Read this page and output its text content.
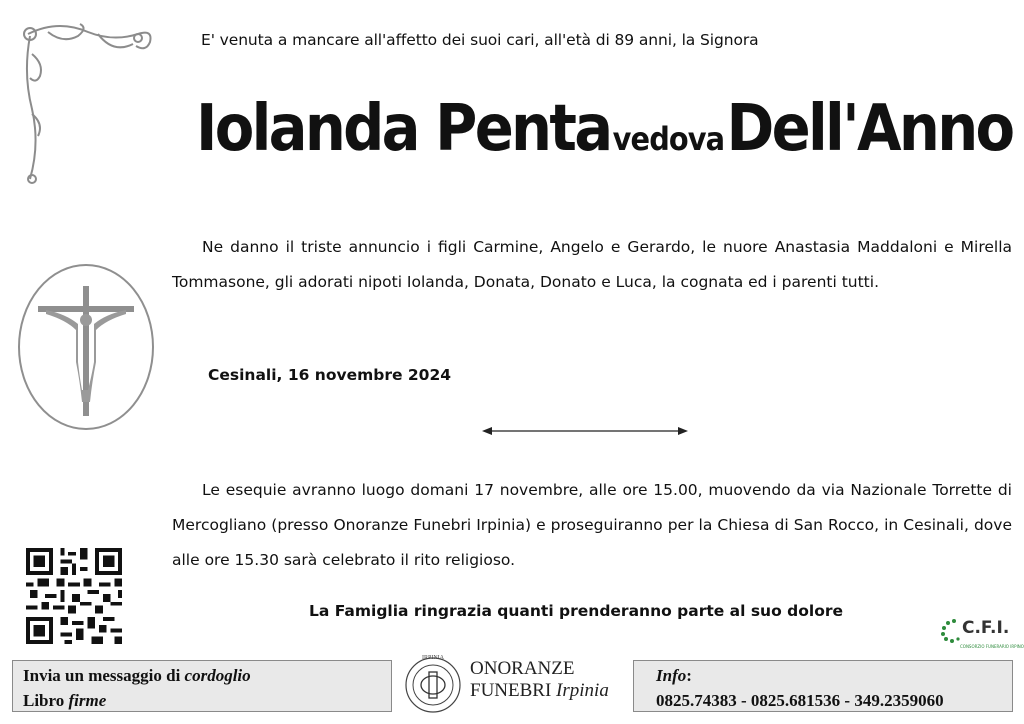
E' venuta a mancare all'affetto dei suoi cari, all'età di 89 anni, la Signora
Iolanda Penta vedova Dell'Anno
Ne danno il triste annuncio i figli Carmine, Angelo e Gerardo, le nuore Anastasia Maddaloni e Mirella Tommasone, gli adorati nipoti Iolanda, Donata, Donato e Luca, la cognata ed i parenti tutti.
Cesinali, 16 novembre 2024
Le esequie avranno luogo domani 17 novembre, alle ore 15.00, muovendo da via Nazionale Torrette di Mercogliano (presso Onoranze Funebri Irpinia) e proseguiranno per la Chiesa di San Rocco, in Cesinali, dove alle ore 15.30 sarà celebrato il rito religioso.
La Famiglia ringrazia quanti prenderanno parte al suo dolore
C.F.I.
CONSORZIO FUNERARIO IRPINO
Invia un messaggio di cordoglio
Libro firme
IRPINIA ONORANZE
FUNEBRI Irpinia
Info:
0825.74383 - 0825.681536 - 349.2359060
